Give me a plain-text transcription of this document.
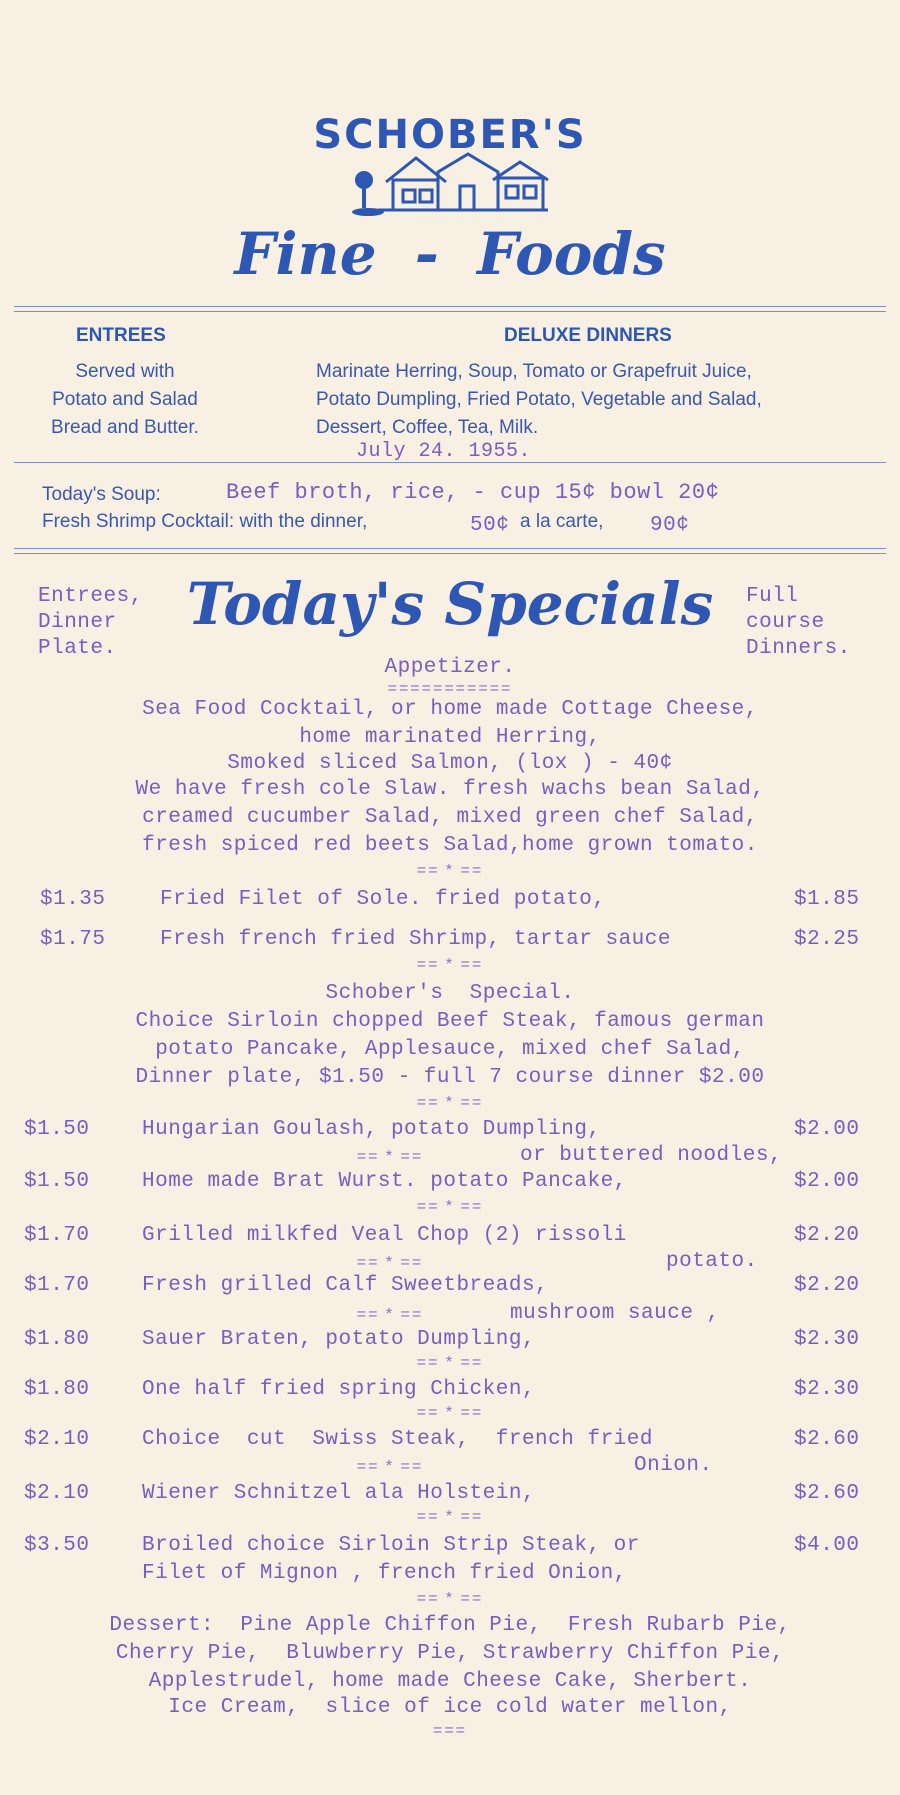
SCHOBER'S
Fine - Foods
ENTREES
Served with
Potato and Salad
Bread and Butter.
DELUXE DINNERS
Marinate Herring, Soup, Tomato or Grapefruit Juice,
Potato Dumpling, Fried Potato, Vegetable and Salad,
Dessert, Coffee, Tea, Milk.
July 24. 1955.
Today's Soup:	Beef broth, rice, - cup 15¢ bowl 20¢
Fresh Shrimp Cocktail: with the dinner,	50¢ a la carte, 90¢
Entrees,
Dinner
Plate.
Today's Specials	Full
course
Dinners.
Appetizer.
===========
Sea Food Cocktail, or home made Cottage Cheese,
home marinated Herring,
Smoked sliced Salmon, (lox ) - 40¢
We have fresh cole Slaw. fresh wachs bean Salad,
creamed cucumber Salad, mixed green chef Salad,
fresh spiced red beets Salad,home grown tomato.
== * ==
$1.35	Fried Filet of Sole. fried potato,	$1.85
$1.75	Fresh french fried Shrimp, tartar sauce	$2.25
== * ==
Schober's  Special.
Choice Sirloin chopped Beef Steak, famous german
potato Pancake, Applesauce, mixed chef Salad,
Dinner plate, $1.50 - full 7 course dinner $2.00
== * ==
$1.50 Hungarian Goulash, potato Dumpling,	$2.00
or buttered noodles,
== * ==
$1.50 Home made Brat Wurst. potato Pancake,	$2.00
== * ==
$1.70 Grilled milkfed Veal Chop (2) rissoli	$2.20
potato.
== * ==
$1.70 Fresh grilled Calf Sweetbreads,	$2.20
mushroom sauce ,
== * ==
$1.80 Sauer Braten, potato Dumpling,	$2.30
== * ==
$1.80 One half fried spring Chicken,	$2.30
== * ==
$2.10 Choice  cut  Swiss Steak,  french fried	$2.60
Onion.
== * ==
$2.10 Wiener Schnitzel ala Holstein,	$2.60
== * ==
$3.50 Broiled choice Sirloin Strip Steak, or	$4.00
Filet of Mignon , french fried Onion,
== * ==
Dessert:  Pine Apple Chiffon Pie,  Fresh Rubarb Pie,
Cherry Pie,  Bluwberry Pie, Strawberry Chiffon Pie,
Applestrudel, home made Cheese Cake, Sherbert.
Ice Cream,  slice of ice cold water mellon,
===
